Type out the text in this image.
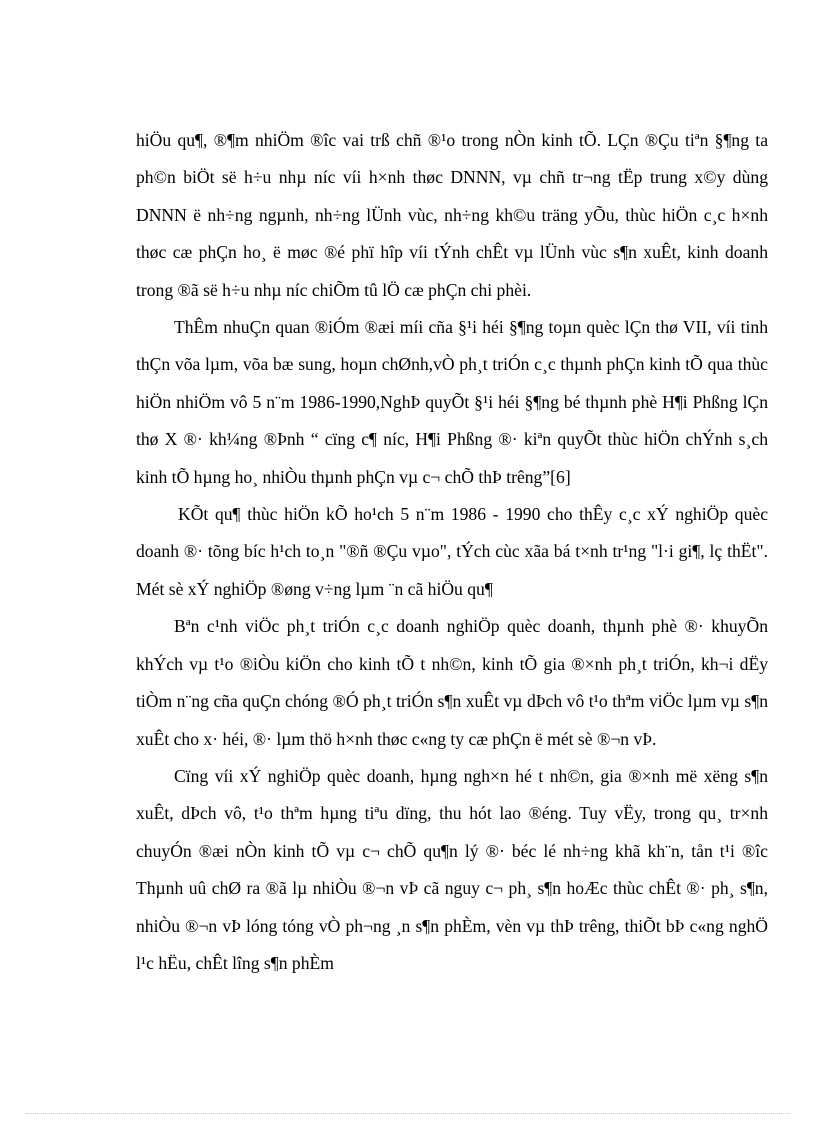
hiÖu qu¶, ®¶m nhiÖm ®îc vai trß chñ ®¹o trong nÒn kinh tÕ. LÇn ®Çu tiªn §¶ng ta ph©n biÖt së h÷u nhµ níc víi h×nh thøc DNNN, vµ chñ tr¬ng tËp trung x©y dùng DNNN ë nh÷ng ngµnh, nh÷ng lÜnh vùc, nh÷ng kh©u träng yÕu, thùc hiÖn c¸c h×nh thøc cæ phÇn ho¸ ë møc ®é phï hîp víi tÝnh chÊt vµ lÜnh vùc s¶n xuÊt, kinh doanh trong ®ã së h÷u nhµ níc chiÕm tû lÖ cæ phÇn chi phèi.

ThÊm nhuÇn quan ®iÓm ®æi míi cña §¹i héi §¶ng toµn quèc lÇn thø VII, víi tinh thÇn võa lµm, võa bæ sung, hoµn chØnh,vÒ ph¸t triÓn c¸c thµnh phÇn kinh tÕ qua thùc hiÖn nhiÖm vô 5 n¨m 1986-1990,NghÞ quyÕt §¹i héi §¶ng bé thµnh phè H¶i Phßng lÇn thø X ®· kh¼ng ®Þnh “ cïng c¶ níc, H¶i Phßng ®· kiªn quyÕt thùc hiÖn chÝnh s¸ch kinh tÕ hµng ho¸ nhiÒu thµnh phÇn vµ c¬ chÕ thÞ trêng”[6]

KÕt qu¶ thùc hiÖn kÕ ho¹ch 5 n¨m 1986 - 1990 cho thÊy c¸c xÝ nghiÖp quèc doanh ®· tõng bíc h¹ch to¸n "®ñ ®Çu vµo", tÝch cùc xãa bá t×nh tr¹ng "l·i gi¶, lç thËt". Mét sè xÝ nghiÖp ®øng v÷ng lµm ¨n cã hiÖu qu¶

Bªn c¹nh viÖc ph¸t triÓn c¸c doanh nghiÖp quèc doanh, thµnh phè ®· khuyÕn khÝch vµ t¹o ®iÒu kiÖn cho kinh tÕ t nh©n, kinh tÕ gia ®×nh ph¸t triÓn, kh¬i dËy tiÒm n¨ng cña quÇn chóng ®Ó ph¸t triÓn s¶n xuÊt vµ dÞch vô t¹o thªm viÖc lµm vµ s¶n xuÊt cho x· héi, ®· lµm thö h×nh thøc c«ng ty cæ phÇn ë mét sè ®¬n vÞ.

Cïng víi xÝ nghiÖp quèc doanh, hµng ngh×n hé t nh©n, gia ®×nh më xëng s¶n xuÊt, dÞch vô, t¹o thªm hµng tiªu dïng, thu hót lao ®éng. Tuy vËy, trong qu¸ tr×nh chuyÓn ®æi nÒn kinh tÕ vµ c¬ chÕ qu¶n lý ®· béc lé nh÷ng khã kh¨n, tån t¹i ®îc Thµnh uû chØ ra ®ã lµ nhiÒu ®¬n vÞ cã nguy c¬ ph¸ s¶n hoÆc thùc chÊt ®· ph¸ s¶n, nhiÒu ®¬n vÞ lóng tóng vÒ ph¬ng ¸n s¶n phÈm, vèn vµ thÞ trêng, thiÕt bÞ c«ng nghÖ l¹c hËu, chÊt lîng s¶n phÈm
